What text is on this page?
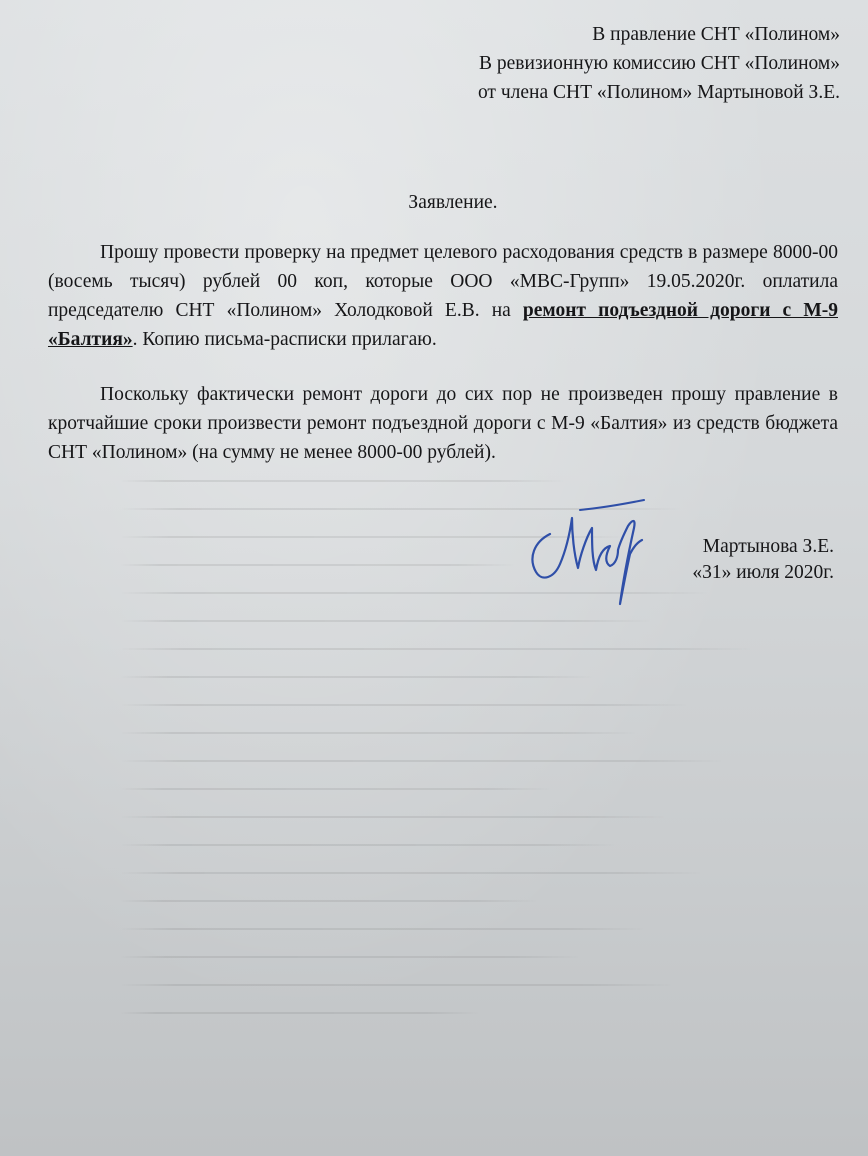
В правление СНТ «Полином»
В ревизионную комиссию СНТ «Полином»
от члена СНТ «Полином» Мартыновой З.Е.
Заявление.

Прошу провести проверку на предмет целевого расходования средств в размере 8000-00 (восемь тысяч) рублей 00 коп, которые ООО «МВС-Групп» 19.05.2020г. оплатила председателю СНТ «Полином» Холодковой Е.В. на ремонт подъездной дороги с М-9 «Балтия». Копию письма-расписки прилагаю.

Поскольку фактически ремонт дороги до сих пор не произведен прошу правление в кротчайшие сроки произвести ремонт подъездной дороги с М-9 «Балтия» из средств бюджета СНТ «Полином» (на сумму не менее 8000-00 рублей).

Мартынова З.Е.
«31» июля 2020г.
